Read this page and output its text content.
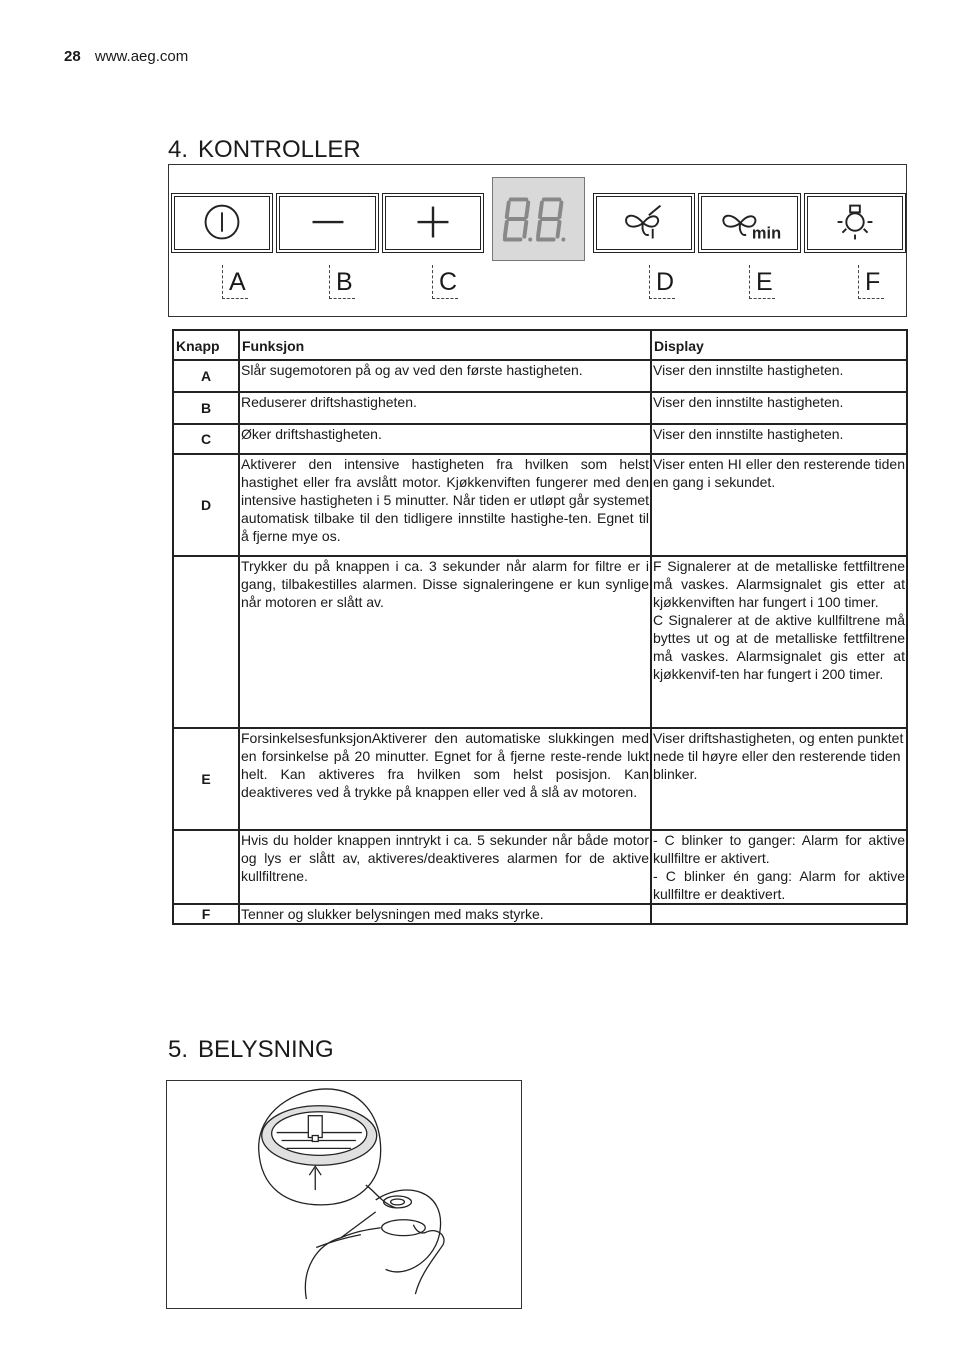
28 www.aeg.com
4. KONTROLLER
min
A	B	C	D	E	F
Knapp	Funksjon	Display
A	Slår sugemotoren på og av ved den første hastigheten.	Viser den innstilte hastigheten.
B	Reduserer driftshastigheten.	Viser den innstilte hastigheten.
C	Øker driftshastigheten.	Viser den innstilte hastigheten.
D	Aktiverer den intensive hastigheten fra hvilken som helst hastighet eller fra avslått motor. Kjøkkenviften fungerer med den intensive hastigheten i 5 minutter. Når tiden er utløpt går systemet automatisk tilbake til den tidligere innstilte hastighe-ten. Egnet til å fjerne mye os.	Viser enten HI eller den resterende tiden en gang i sekundet.
	Trykker du på knappen i ca. 3 sekunder når alarm for filtre er i gang, tilbakestilles alarmen. Disse signaleringene er kun synlige når motoren er slått av.	F Signalerer at de metalliske fettfiltrene må vaskes. Alarmsignalet gis etter at kjøkkenviften har fungert i 100 timer.
C Signalerer at de aktive kullfiltrene må byttes ut og at de metalliske fettfiltrene må vaskes. Alarmsignalet gis etter at kjøkkenvif-ten har fungert i 200 timer.

E	ForsinkelsesfunksjonAktiverer den automatiske slukkingen med en forsinkelse på 20 minutter. Egnet for å fjerne reste-rende lukt helt. Kan aktiveres fra hvilken som helst posisjon. Kan deaktiveres ved å trykke på knappen eller ved å slå av motoren.	Viser driftshastigheten, og enten punktet nede til høyre eller den resterende tiden blinker.
	Hvis du holder knappen inntrykt i ca. 5 sekunder når både motor og lys er slått av, aktiveres/deaktiveres alarmen for de aktive kullfiltrene.	- C blinker to ganger: Alarm for aktive kullfiltre er aktivert.
- C blinker én gang: Alarm for aktive kullfiltre er deaktivert.

F	Tenner og slukker belysningen med maks styrke.	
5. BELYSNING
